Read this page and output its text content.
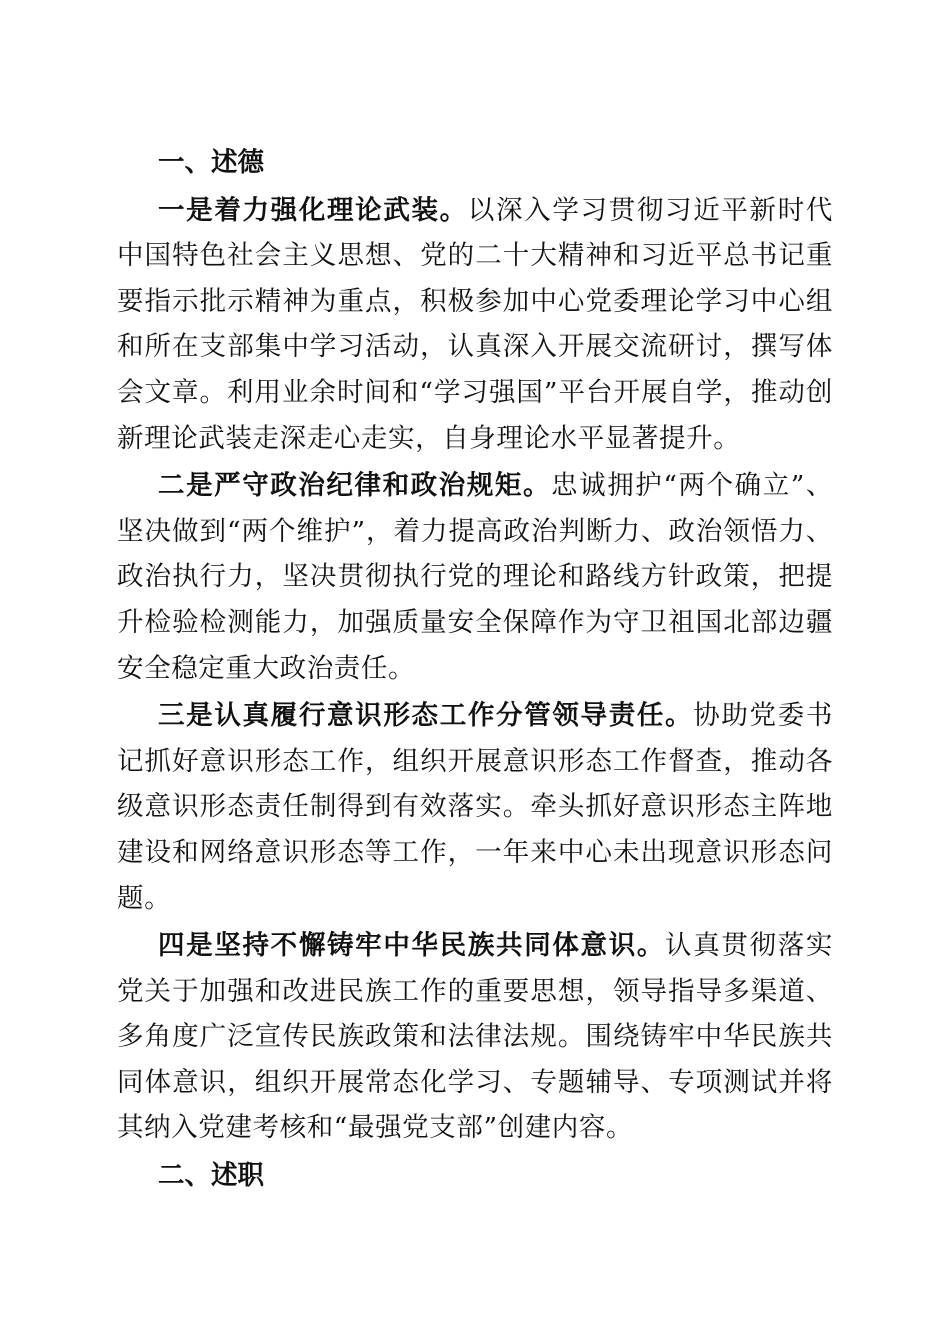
一、述德

一是着力强化理论武装。以深入学习贯彻习近平新时代中国特色社会主义思想、党的二十大精神和习近平总书记重要指示批示精神为重点，积极参加中心党委理论学习中心组和所在支部集中学习活动，认真深入开展交流研讨，撰写体会文章。利用业余时间和“学习强国”平台开展自学，推动创新理论武装走深走心走实，自身理论水平显著提升。

二是严守政治纪律和政治规矩。忠诚拥护“两个确立”、坚决做到“两个维护”，着力提高政治判断力、政治领悟力、政治执行力，坚决贯彻执行党的理论和路线方针政策，把提升检验检测能力，加强质量安全保障作为守卫祖国北部边疆安全稳定重大政治责任。

三是认真履行意识形态工作分管领导责任。协助党委书记抓好意识形态工作，组织开展意识形态工作督查，推动各级意识形态责任制得到有效落实。牵头抓好意识形态主阵地建设和网络意识形态等工作，一年来中心未出现意识形态问题。

四是坚持不懈铸牢中华民族共同体意识。认真贯彻落实党关于加强和改进民族工作的重要思想，领导指导多渠道、多角度广泛宣传民族政策和法律法规。围绕铸牢中华民族共同体意识，组织开展常态化学习、专题辅导、专项测试并将其纳入党建考核和“最强党支部”创建内容。

二、述职
